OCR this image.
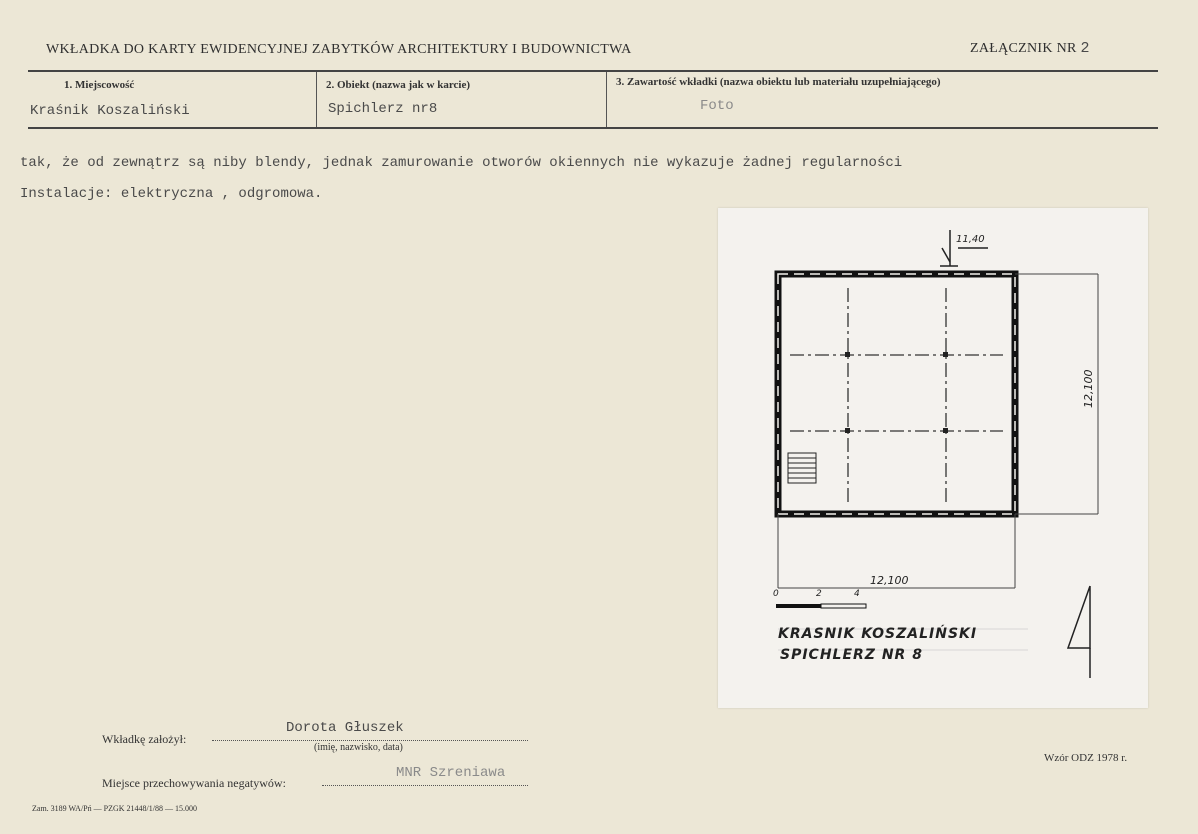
WKŁADKA DO KARTY EWIDENCYJNEJ ZABYTKÓW ARCHITEKTURY I BUDOWNICTWA	ZAŁĄCZNIK NR 2
1. Miejscowość	2. Obiekt (nazwa jak w karcie)	3. Zawartość wkładki (nazwa obiektu lub materiału uzupełniającego)
Kraśnik Koszaliński	Spichlerz nr8	Foto
tak, że od zewnątrz są niby blendy, jednak zamurowanie otworów okiennych nie wykazuje żadnej regularności
Instalacje: elektryczna , odgromowa.
11,40
12,100
12,100
0	2	4
KRASNIK KOSZALIŃSKI
SPICHLERZ NR 8
Wkładkę założył:
Dorota Głuszek
(imię, nazwisko, data)
Miejsce przechowywania negatywów:
MNR Szreniawa
Wzór ODZ 1978 r.
Zam. 3189 WA/Pń — PZGK 21448/1/88 — 15.000
